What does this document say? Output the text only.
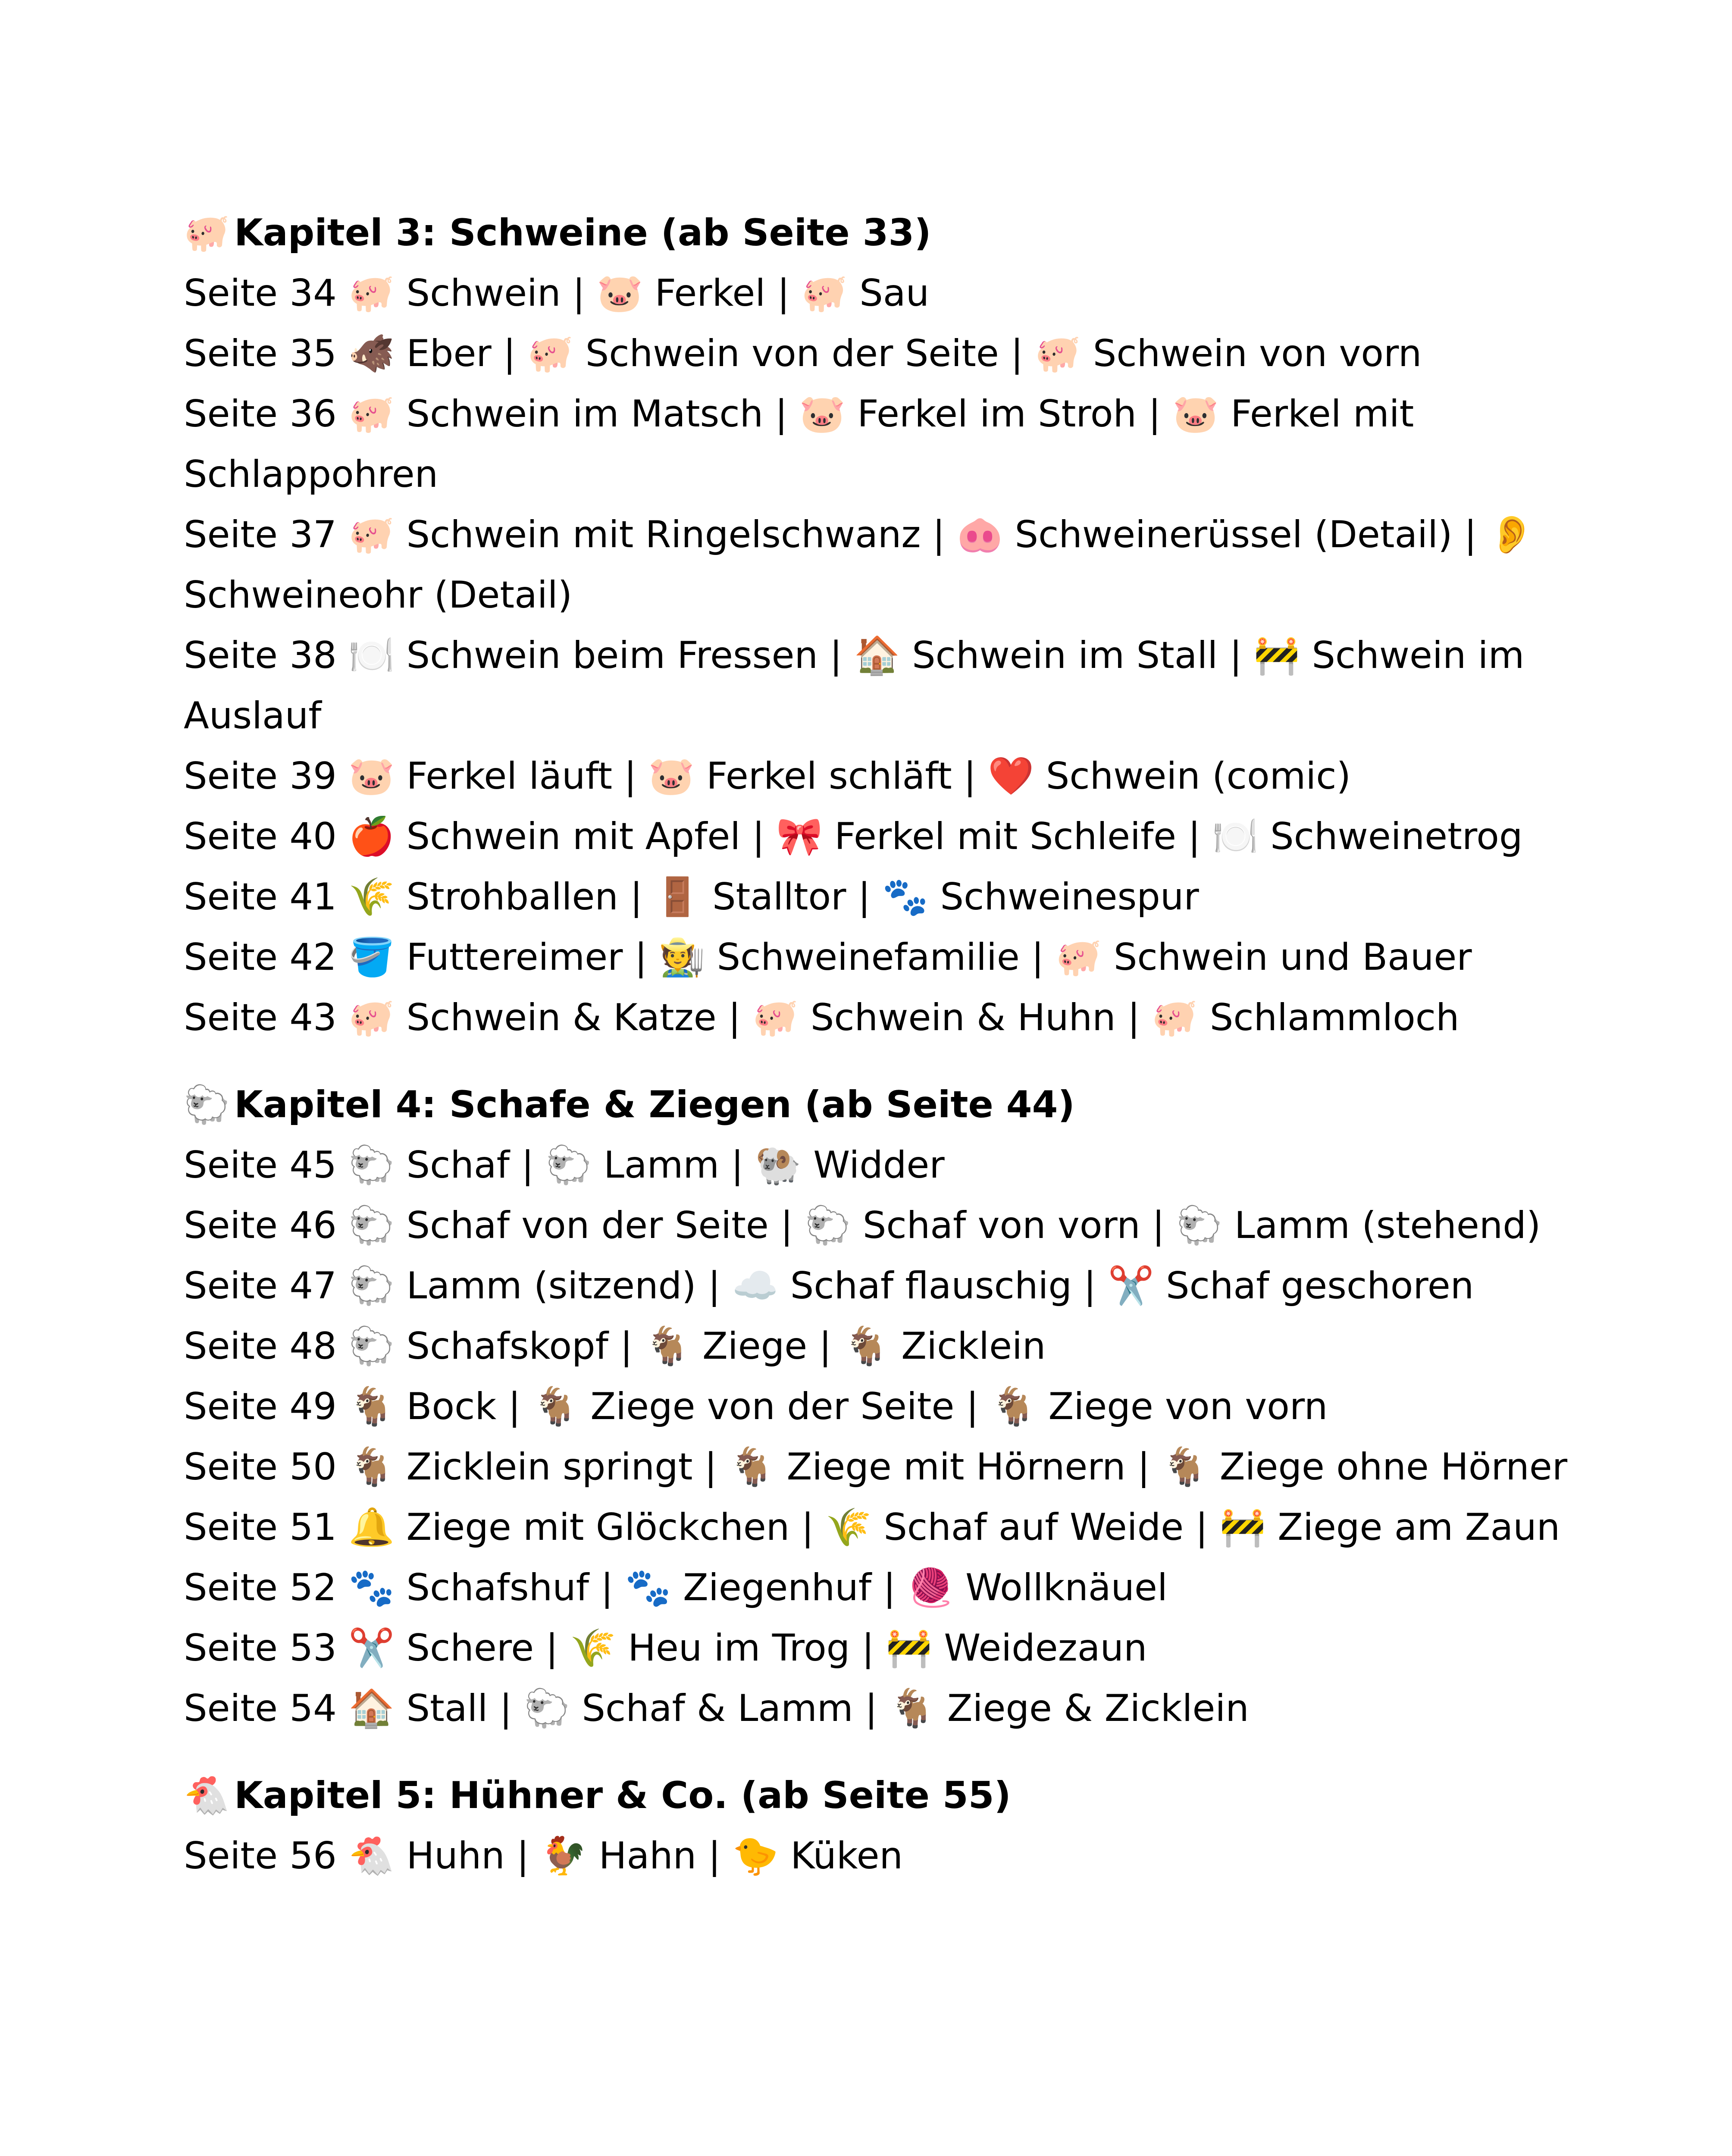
🐖 Kapitel 3: Schweine (ab Seite 33)
Seite 34 🐖 Schwein | 🐷 Ferkel | 🐖 Sau
Seite 35 🐗 Eber | 🐖 Schwein von der Seite | 🐖 Schwein von vorn
Seite 36 🐖 Schwein im Matsch | 🐷 Ferkel im Stroh | 🐷 Ferkel mit Schlappohren
Seite 37 🐖 Schwein mit Ringelschwanz | 🐽 Schweinerüssel (Detail) | 👂 Schweineohr (Detail)
Seite 38 🍽️ Schwein beim Fressen | 🏠 Schwein im Stall | 🚧 Schwein im Auslauf
Seite 39 🐷 Ferkel läuft | 🐷 Ferkel schläft | ❤️ Schwein (comic)
Seite 40 🍎 Schwein mit Apfel | 🎀 Ferkel mit Schleife | 🍽️ Schweinetrog
Seite 41 🌾 Strohballen | 🚪 Stalltor | 🐾 Schweinespur
Seite 42 🪣 Futtereimer | 🧑‍🌾 Schweinefamilie | 🐖 Schwein und Bauer
Seite 43 🐖 Schwein & Katze | 🐖 Schwein & Huhn | 🐖 Schlammloch
🐑 Kapitel 4: Schafe & Ziegen (ab Seite 44)
Seite 45 🐑 Schaf | 🐑 Lamm | 🐏 Widder
Seite 46 🐑 Schaf von der Seite | 🐑 Schaf von vorn | 🐑 Lamm (stehend)
Seite 47 🐑 Lamm (sitzend) | ☁️ Schaf flauschig | ✂️ Schaf geschoren
Seite 48 🐑 Schafskopf | 🐐 Ziege | 🐐 Zicklein
Seite 49 🐐 Bock | 🐐 Ziege von der Seite | 🐐 Ziege von vorn
Seite 50 🐐 Zicklein springt | 🐐 Ziege mit Hörnern | 🐐 Ziege ohne Hörner
Seite 51 🔔 Ziege mit Glöckchen | 🌾 Schaf auf Weide | 🚧 Ziege am Zaun
Seite 52 🐾 Schafshuf | 🐾 Ziegenhuf | 🧶 Wollknäuel
Seite 53 ✂️ Schere | 🌾 Heu im Trog | 🚧 Weidezaun
Seite 54 🏠 Stall | 🐑 Schaf & Lamm | 🐐 Ziege & Zicklein
🐔 Kapitel 5: Hühner & Co. (ab Seite 55)
Seite 56 🐔 Huhn | 🐓 Hahn | 🐤 Küken
